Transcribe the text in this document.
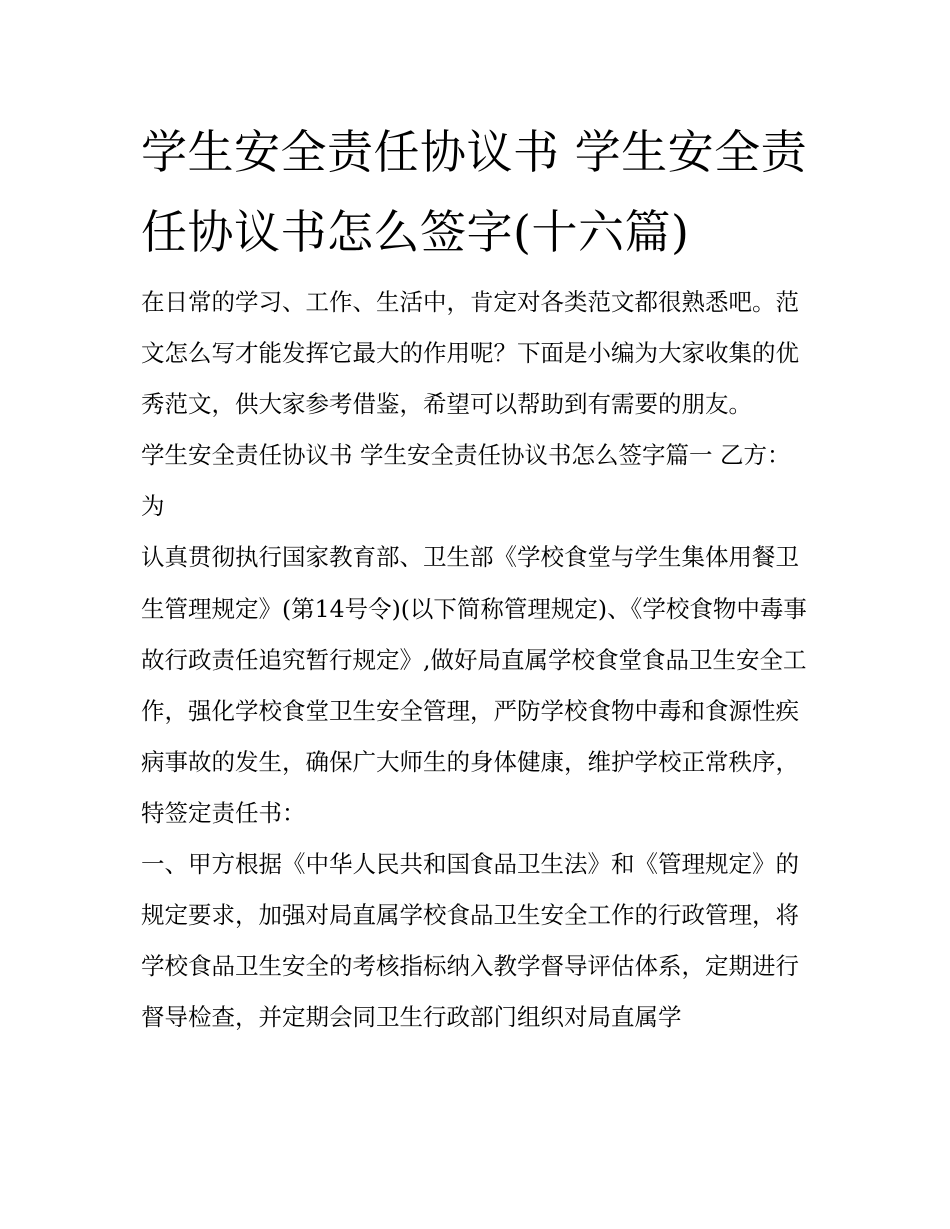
学生安全责任协议书 学生安全责任协议书怎么签字(十六篇)

在日常的学习、工作、生活中，肯定对各类范文都很熟悉吧。范文怎么写才能发挥它最大的作用呢？下面是小编为大家收集的优秀范文，供大家参考借鉴，希望可以帮助到有需要的朋友。

学生安全责任协议书 学生安全责任协议书怎么签字篇一 乙方： 为

认真贯彻执行国家教育部、卫生部《学校食堂与学生集体用餐卫生管理规定》(第14号令)(以下简称管理规定)、《学校食物中毒事故行政责任追究暂行规定》,做好局直属学校食堂食品卫生安全工作，强化学校食堂卫生安全管理，严防学校食物中毒和食源性疾病事故的发生，确保广大师生的身体健康，维护学校正常秩序，特签定责任书：

一、甲方根据《中华人民共和国食品卫生法》和《管理规定》的规定要求，加强对局直属学校食品卫生安全工作的行政管理，将学校食品卫生安全的考核指标纳入教学督导评估体系，定期进行督导检查，并定期会同卫生行政部门组织对局直属学
